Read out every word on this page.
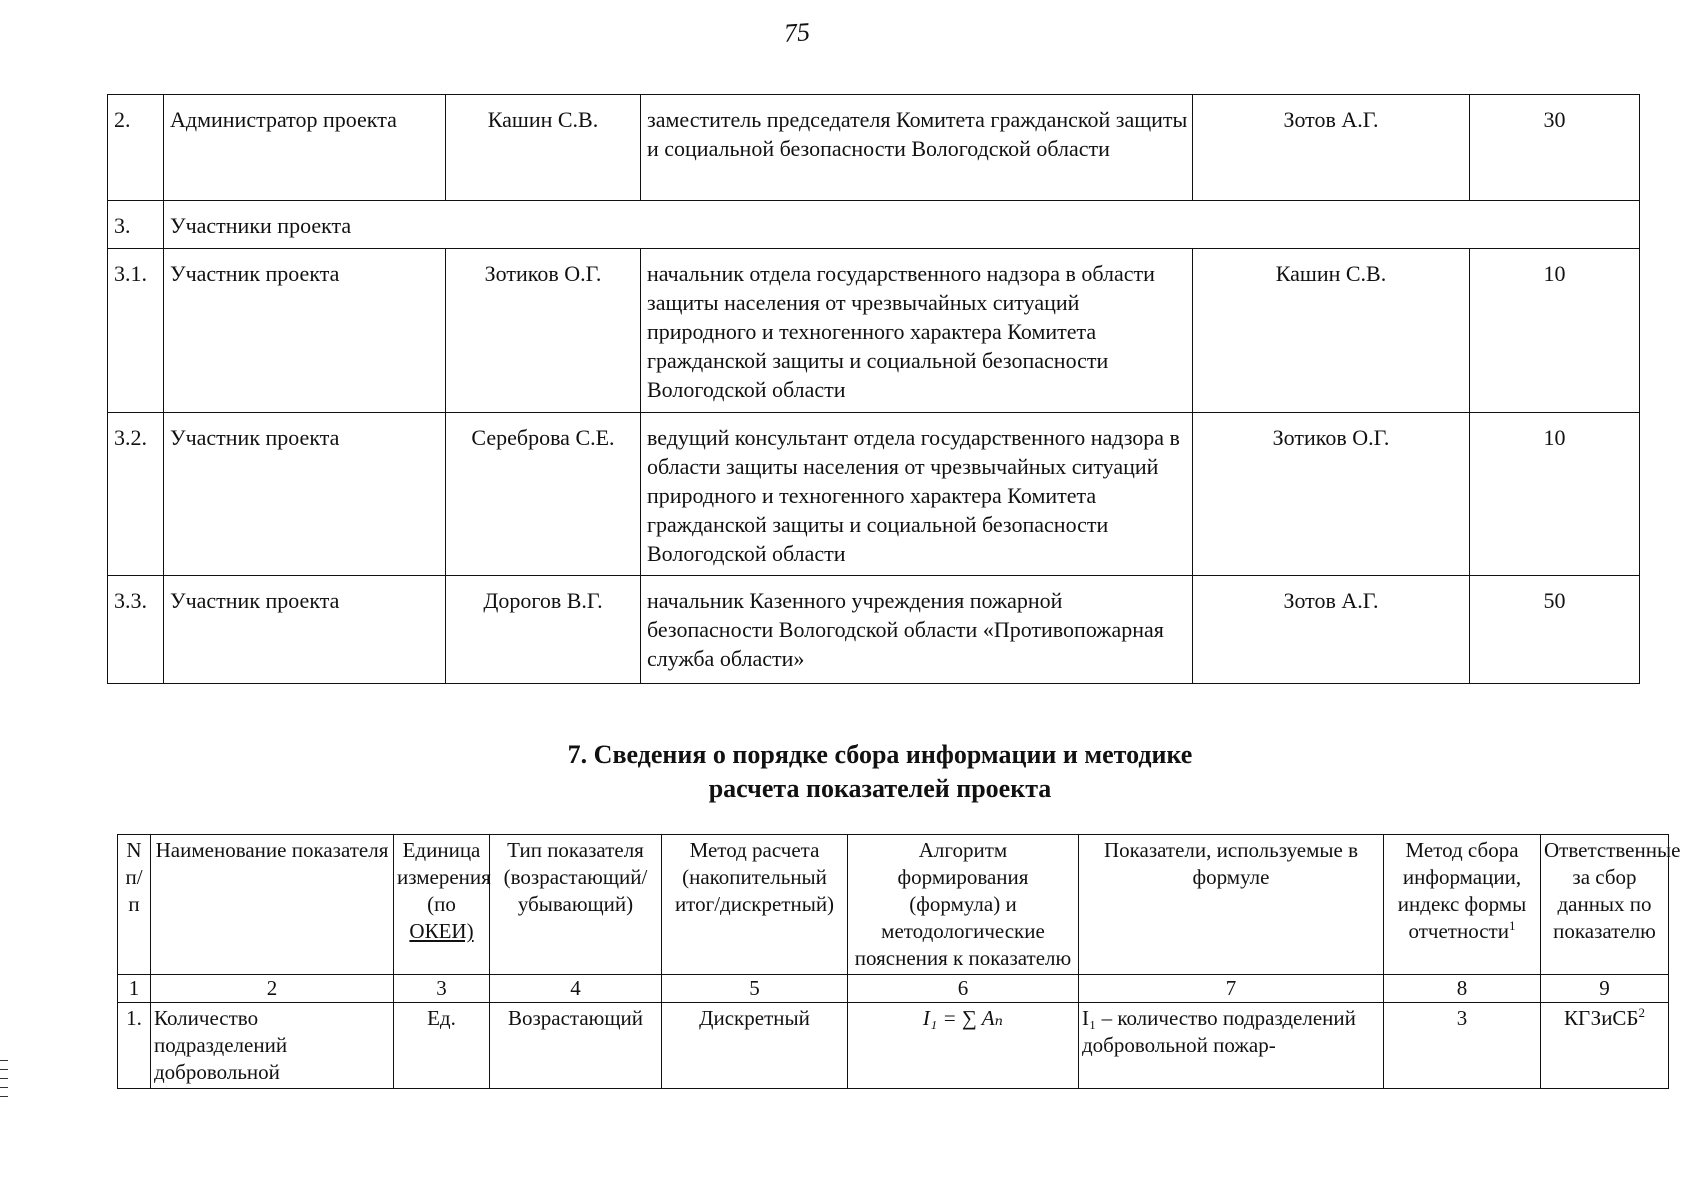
75
2.	Администратор проекта	Кашин С.В.	заместитель председателя Комитета гражданской защиты и социальной безопасности Вологодской области	Зотов А.Г.	30
3.	Участники проекта				
3.1.	Участник проекта	Зотиков О.Г.	начальник отдела государственного надзора в области защиты населения от чрезвычайных ситуаций природного и техногенного характера Комитета гражданской защиты и социальной безопасности Вологодской области	Кашин С.В.	10
3.2.	Участник проекта	Сереброва С.Е.	ведущий консультант отдела государственного надзора в области защиты населения от чрезвычайных ситуаций природного и техногенного характера Комитета гражданской защиты и социальной безопасности Вологодской области	Зотиков О.Г.	10
3.3.	Участник проекта	Дорогов В.Г.	начальник Казенного учреждения пожарной безопасности Вологодской области «Противопожарная служба области»	Зотов А.Г.	50
7. Сведения о порядке сбора информации и методике
расчета показателей проекта
N п/п	Наименование показателя	Единица измерения (по ОКЕИ)	Тип показателя (возрастающий/убывающий)	Метод расчета (накопительный итог/дискретный)	Алгоритм формирования (формула) и методологические пояснения к показателю	Показатели, используемые в формуле	Метод сбора информации, индекс формы отчетности$^1$	Ответственные за сбор данных по показателю
1	2	3	4	5	6	7	8	9
1.	Количество подразделений добровольной	Ед.	Возрастающий	Дискретный	I₁ = ∑ Aₙ	I₁ – количество подразделений добровольной пожар-	3	КГЗиСБ$^2$
